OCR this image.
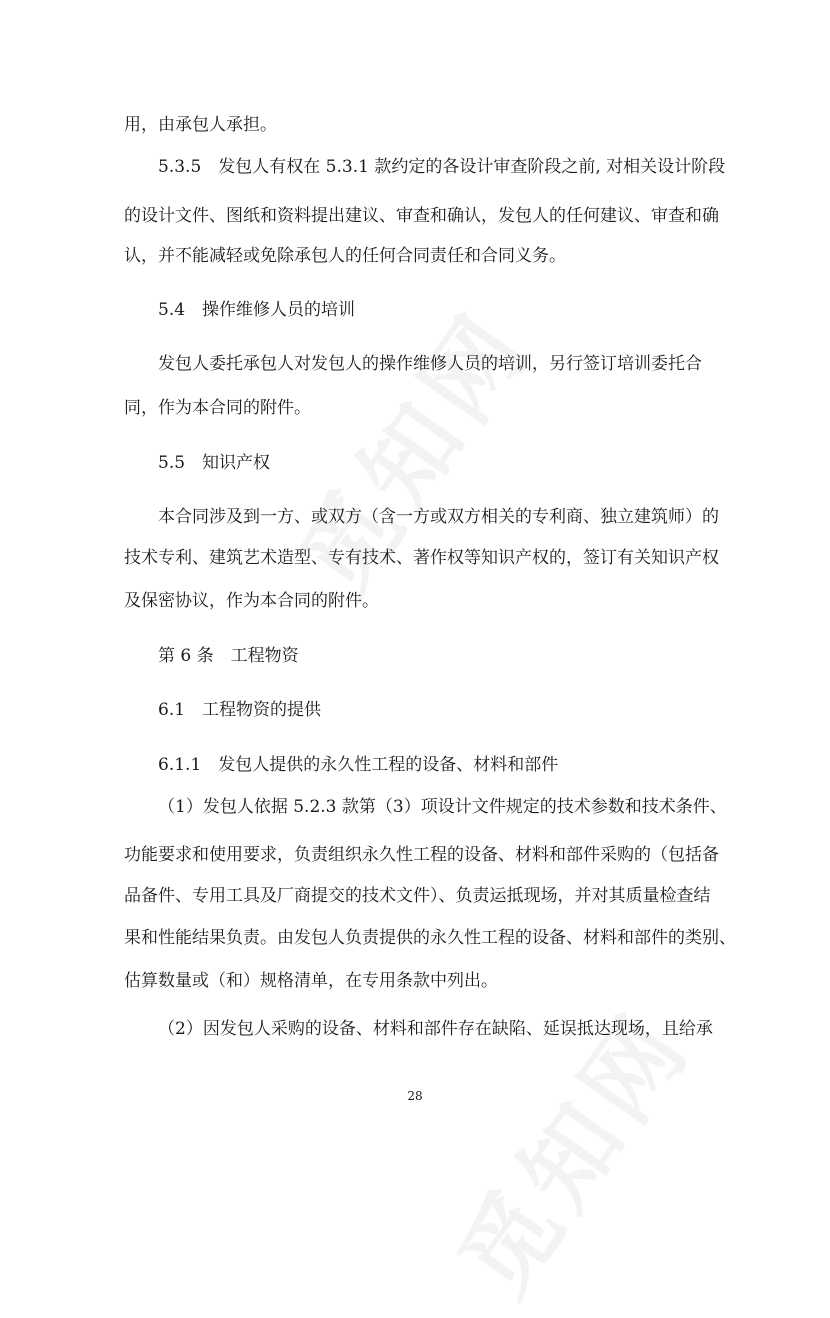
用，由承包人承担。
5.3.5　发包人有权在 5.3.1 款约定的各设计审查阶段之前, 对相关设计阶段
的设计文件、图纸和资料提出建议、审查和确认，发包人的任何建议、审查和确
认，并不能减轻或免除承包人的任何合同责任和合同义务。
5.4　操作维修人员的培训
发包人委托承包人对发包人的操作维修人员的培训，另行签订培训委托合
同，作为本合同的附件。
5.5　知识产权
本合同涉及到一方、或双方（含一方或双方相关的专利商、独立建筑师）的
技术专利、建筑艺术造型、专有技术、著作权等知识产权的，签订有关知识产权
及保密协议，作为本合同的附件。
第 6 条　工程物资
6.1　工程物资的提供
6.1.1　发包人提供的永久性工程的设备、材料和部件
（1）发包人依据 5.2.3 款第（3）项设计文件规定的技术参数和技术条件、
功能要求和使用要求，负责组织永久性工程的设备、材料和部件采购的（包括备
品备件、专用工具及厂商提交的技术文件）、负责运抵现场，并对其质量检查结
果和性能结果负责。由发包人负责提供的永久性工程的设备、材料和部件的类别、
估算数量或（和）规格清单，在专用条款中列出。
（2）因发包人采购的设备、材料和部件存在缺陷、延误抵达现场，且给承
28
